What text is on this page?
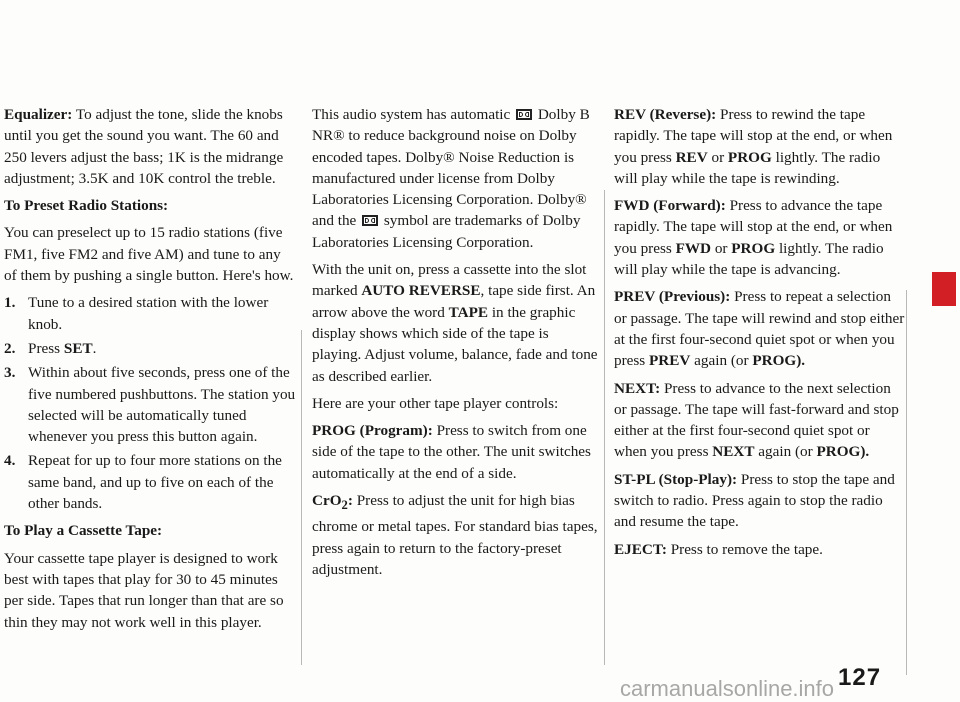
Equalizer: To adjust the tone, slide the knobs until you get the sound you want. The 60 and 250 levers adjust the bass; 1K is the midrange adjustment; 3.5K and 10K control the treble.

To Preset Radio Stations:

You can preselect up to 15 radio stations (five FM1, five FM2 and five AM) and tune to any of them by pushing a single button. Here's how.

1. Tune to a desired station with the lower knob.
2. Press SET.
3. Within about five seconds, press one of the five numbered pushbuttons. The station you selected will be automatically tuned whenever you press this button again.
4. Repeat for up to four more stations on the same band, and up to five on each of the other bands.
To Play a Cassette Tape:

Your cassette tape player is designed to work best with tapes that play for 30 to 45 minutes per side. Tapes that run longer than that are so thin they may not work well in this player.

This audio system has automatic Dolby B NR® to reduce background noise on Dolby encoded tapes. Dolby® Noise Reduction is manufactured under license from Dolby Laboratories Licensing Corporation. Dolby® and the symbol are trademarks of Dolby Laboratories Licensing Corporation.

With the unit on, press a cassette into the slot marked AUTO REVERSE, tape side first. An arrow above the word TAPE in the graphic display shows which side of the tape is playing. Adjust volume, balance, fade and tone as described earlier.

Here are your other tape player controls:

PROG (Program): Press to switch from one side of the tape to the other. The unit switches automatically at the end of a side.

CrO$_2$: Press to adjust the unit for high bias chrome or metal tapes. For standard bias tapes, press again to return to the factory-preset adjustment.

REV (Reverse): Press to rewind the tape rapidly. The tape will stop at the end, or when you press REV or PROG lightly. The radio will play while the tape is rewinding.

FWD (Forward): Press to advance the tape rapidly. The tape will stop at the end, or when you press FWD or PROG lightly. The radio will play while the tape is advancing.

PREV (Previous): Press to repeat a selection or passage. The tape will rewind and stop either at the first four-second quiet spot or when you press PREV again (or PROG).

NEXT: Press to advance to the next selection or passage. The tape will fast-forward and stop either at the first four-second quiet spot or when you press NEXT again (or PROG).

ST-PL (Stop-Play): Press to stop the tape and switch to radio. Press again to stop the radio and resume the tape.

EJECT: Press to remove the tape.

127
carmanualsonline.info
